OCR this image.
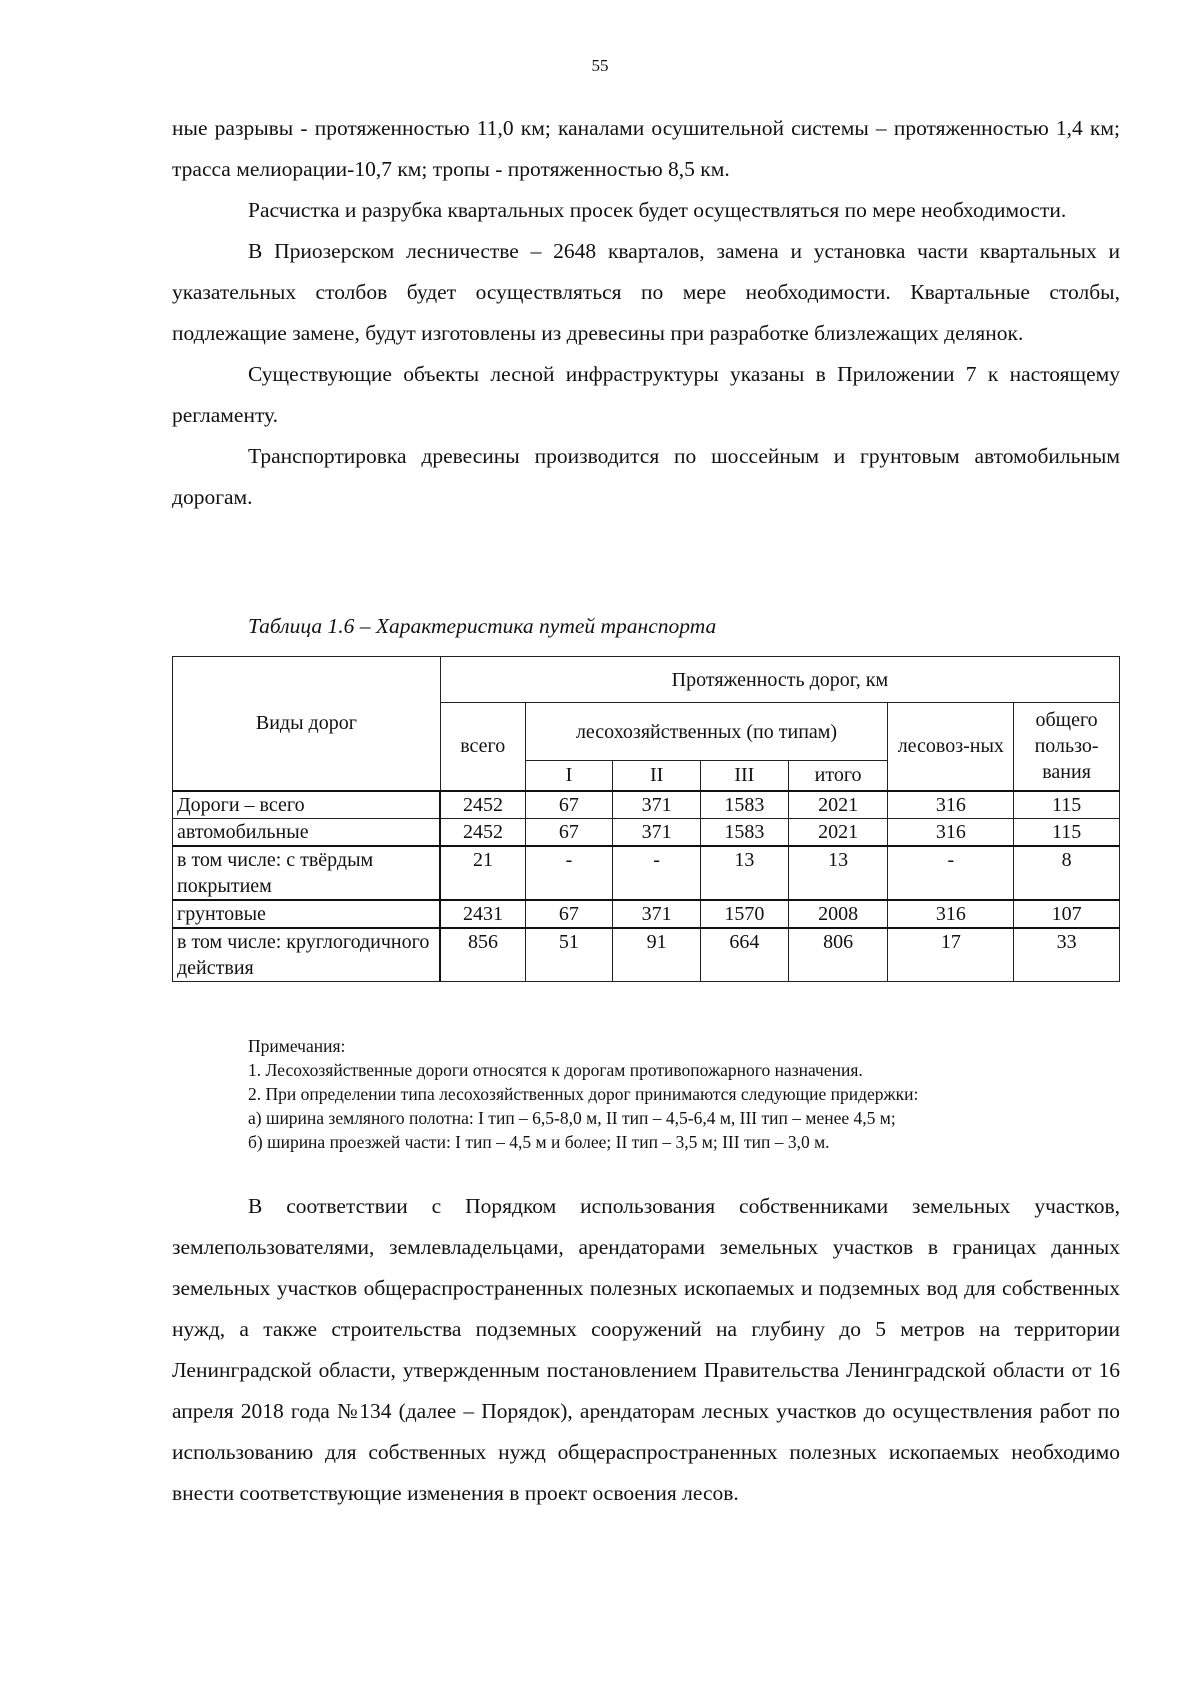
55

ные разрывы - протяженностью 11,0 км; каналами осушительной системы – протяженностью 1,4 км; трасса мелиорации-10,7 км; тропы - протяженностью 8,5 км.

Расчистка и разрубка квартальных просек будет осуществляться по мере необходимости.

В Приозерском лесничестве – 2648 кварталов, замена и установка части квартальных и указательных столбов будет осуществляться по мере необходимости. Квартальные столбы, подлежащие замене, будут изготовлены из древесины при разработке близлежащих делянок.

Существующие объекты лесной инфраструктуры указаны в Приложении 7 к настоящему регламенту.

Транспортировка древесины производится по шоссейным и грунтовым автомобильным дорогам.

Таблица 1.6 – Характеристика путей транспорта
Виды дорог	Протяженность дорог, км						
	всего	лесохозяйственных (по типам)				лесовоз-ных	общего пользо-вания
		I	II	III	итого		
Дороги – всего	2452	67	371	1583	2021	316	115
автомобильные	2452	67	371	1583	2021	316	115
в том числе: с твёрдым покрытием	21	-	-	13	13	-	8
грунтовые	2431	67	371	1570	2008	316	107
в том числе: круглогодичного действия	856	51	91	664	806	17	33
Примечания:
1. Лесохозяйственные дороги относятся к дорогам противопожарного назначения.
2. При определении типа лесохозяйственных дорог принимаются следующие придержки:
а) ширина земляного полотна: I тип – 6,5-8,0 м, II тип – 4,5-6,4 м, III тип – менее 4,5 м;
б) ширина проезжей части: I тип – 4,5 м и более; II тип – 3,5 м; III тип – 3,0 м.

В соответствии с Порядком использования собственниками земельных участков, землепользователями, землевладельцами, арендаторами земельных участков в границах данных земельных участков общераспространенных полезных ископаемых и подземных вод для собственных нужд, а также строительства подземных сооружений на глубину до 5 метров на территории Ленинградской области, утвержденным постановлением Правительства Ленинградской области от 16 апреля 2018 года №134 (далее – Порядок), арендаторам лесных участков до осуществления работ по использованию для собственных нужд общераспространенных полезных ископаемых необходимо внести соответствующие изменения в проект освоения лесов.
